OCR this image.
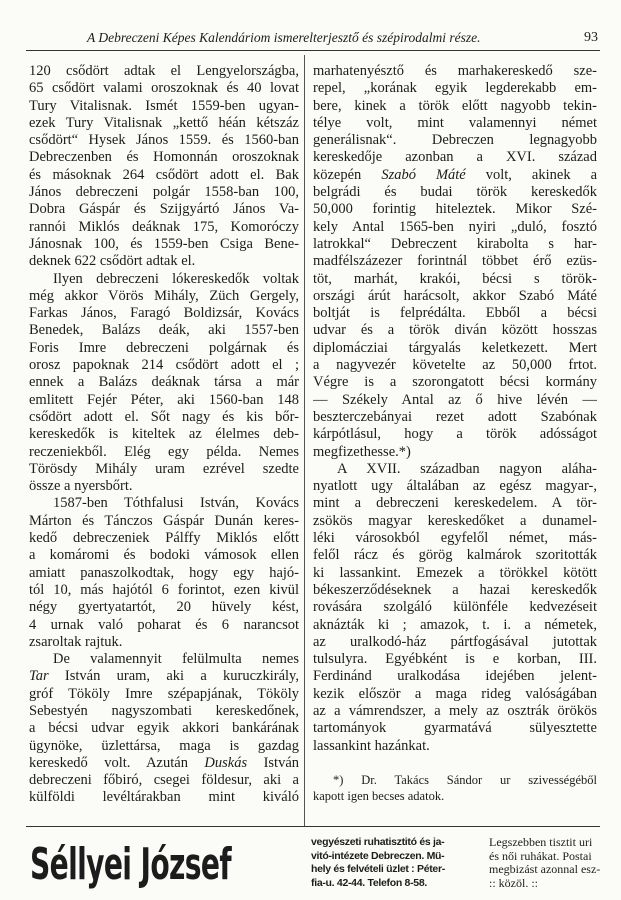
A Debreczeni Képes Kalendáriom ismerelterjesztő és szépirodalmi része.	93
120 csődört adtak el Lengyelországba,
65 csődört valami oroszoknak és 40 lovat
Tury Vitalisnak. Ismét 1559-ben ugyan-
ezek Tury Vitalisnak „kettő héán kétszáz
csődört“ Hysek János 1559. és 1560-ban
Debreczenben és Homonnán oroszoknak
és másoknak 264 csődört adott el. Bak
János debreczeni polgár 1558-ban 100,
Dobra Gáspár és Szijgyártó János Va-
rannói Miklós deáknak 175, Komoróczy
Jánosnak 100, és 1559-ben Csiga Bene-
deknek 622 csődört adtak el.
Ilyen debreczeni lókereskedők voltak
még akkor Vörös Mihály, Züch Gergely,
Farkas János, Faragó Boldizsár, Kovács
Benedek, Balázs deák, aki 1557-ben
Foris Imre debreczeni polgárnak és
orosz papoknak 214 csődört adott el ;
ennek a Balázs deáknak társa a már
emlitett Fejér Péter, aki 1560-ban 148
csődört adott el. Sőt nagy és kis bőr-
kereskedők is kiteltek az élelmes deb-
reczeniekből. Elég egy példa. Nemes
Törösdy Mihály uram ezrével szedte
össze a nyersbőrt.
1587-ben Tóthfalusi István, Kovács
Márton és Tánczos Gáspár Dunán keres-
kedő debreczeniek Pálffy Miklós előtt
a komáromi és bodoki vámosok ellen
amiatt panaszolkodtak, hogy egy hajó-
tól 10, más hajótól 6 forintot, ezen kivül
négy gyertyatartót, 20 hüvely kést,
4 urnak való poharat és 6 narancsot
zsaroltak rajtuk.
De valamennyit felülmulta nemes
Tar István uram, aki a kuruczkirály,
gróf Tököly Imre szépapjának, Tököly
Sebestyén nagyszombati kereskedőnek,
a bécsi udvar egyik akkori bankárának
ügynöke, üzlettársa, maga is gazdag
kereskedő volt. Azután Duskás István
debreczeni főbiró, csegei földesur, aki a
külföldi levéltárakban mint kiváló
marhatenyésztő és marhakereskedő sze-
repel, „korának egyik legderekabb em-
bere, kinek a török előtt nagyobb tekin-
télye volt, mint valamennyi német
generálisnak“. Debreczen legnagyobb
kereskedője azonban a XVI. század
közepén Szabó Máté volt, akinek a
belgrádi és budai török kereskedők
50,000 forintig hiteleztek. Mikor Szé-
kely Antal 1565-ben nyiri „duló, fosztó
latrokkal“ Debreczent kirabolta s har-
madfélszázezer forintnál többet érő ezüs-
töt, marhát, krakói, bécsi s török-
országi árút harácsolt, akkor Szabó Máté
boltját is felprédálta. Ebből a bécsi
udvar és a török diván között hosszas
diplomácziai tárgyalás keletkezett. Mert
a nagyvezér követelte az 50,000 frtot.
Végre is a szorongatott bécsi kormány
— Székely Antal az ő hive lévén —
beszterczebányai rezet adott Szabónak
kárpótlásul, hogy a török adósságot
megfizethesse.*)
A XVII. században nagyon aláha-
nyatlott ugy általában az egész magyar-,
mint a debreczeni kereskedelem. A tör-
zsökös magyar kereskedőket a dunamel-
léki városokból egyfelől német, más-
felől rácz és görög kalmárok szoritották
ki lassankint. Emezek a törökkel kötött
békeszerződéseknek a hazai kereskedők
rovására szolgáló különféle kedvezéseit
aknázták ki ; amazok, t. i. a németek,
az uralkodó-ház pártfogásával jutottak
tulsulyra. Egyébként is e korban, III.
Ferdinánd uralkodása idejében jelent-
kezik először a maga rideg valóságában
az a vámrendszer, a mely az osztrák örökös
tartományok gyarmatává sülyesztette
lassankint hazánkat.
*) Dr. Takács Sándor ur szivességéből
kapott igen becses adatok.
Séllyei József	vegyészeti ruhatisztitó és ja-
vitó-intézete Debreczen. Mü-
hely és felvételi üzlet : Péter-
fia-u. 42-44. Telefon 8-58.
Legszebben tisztit uri
és női ruhákat. Postai
megbizást azonnal esz-
:: közöl. ::
